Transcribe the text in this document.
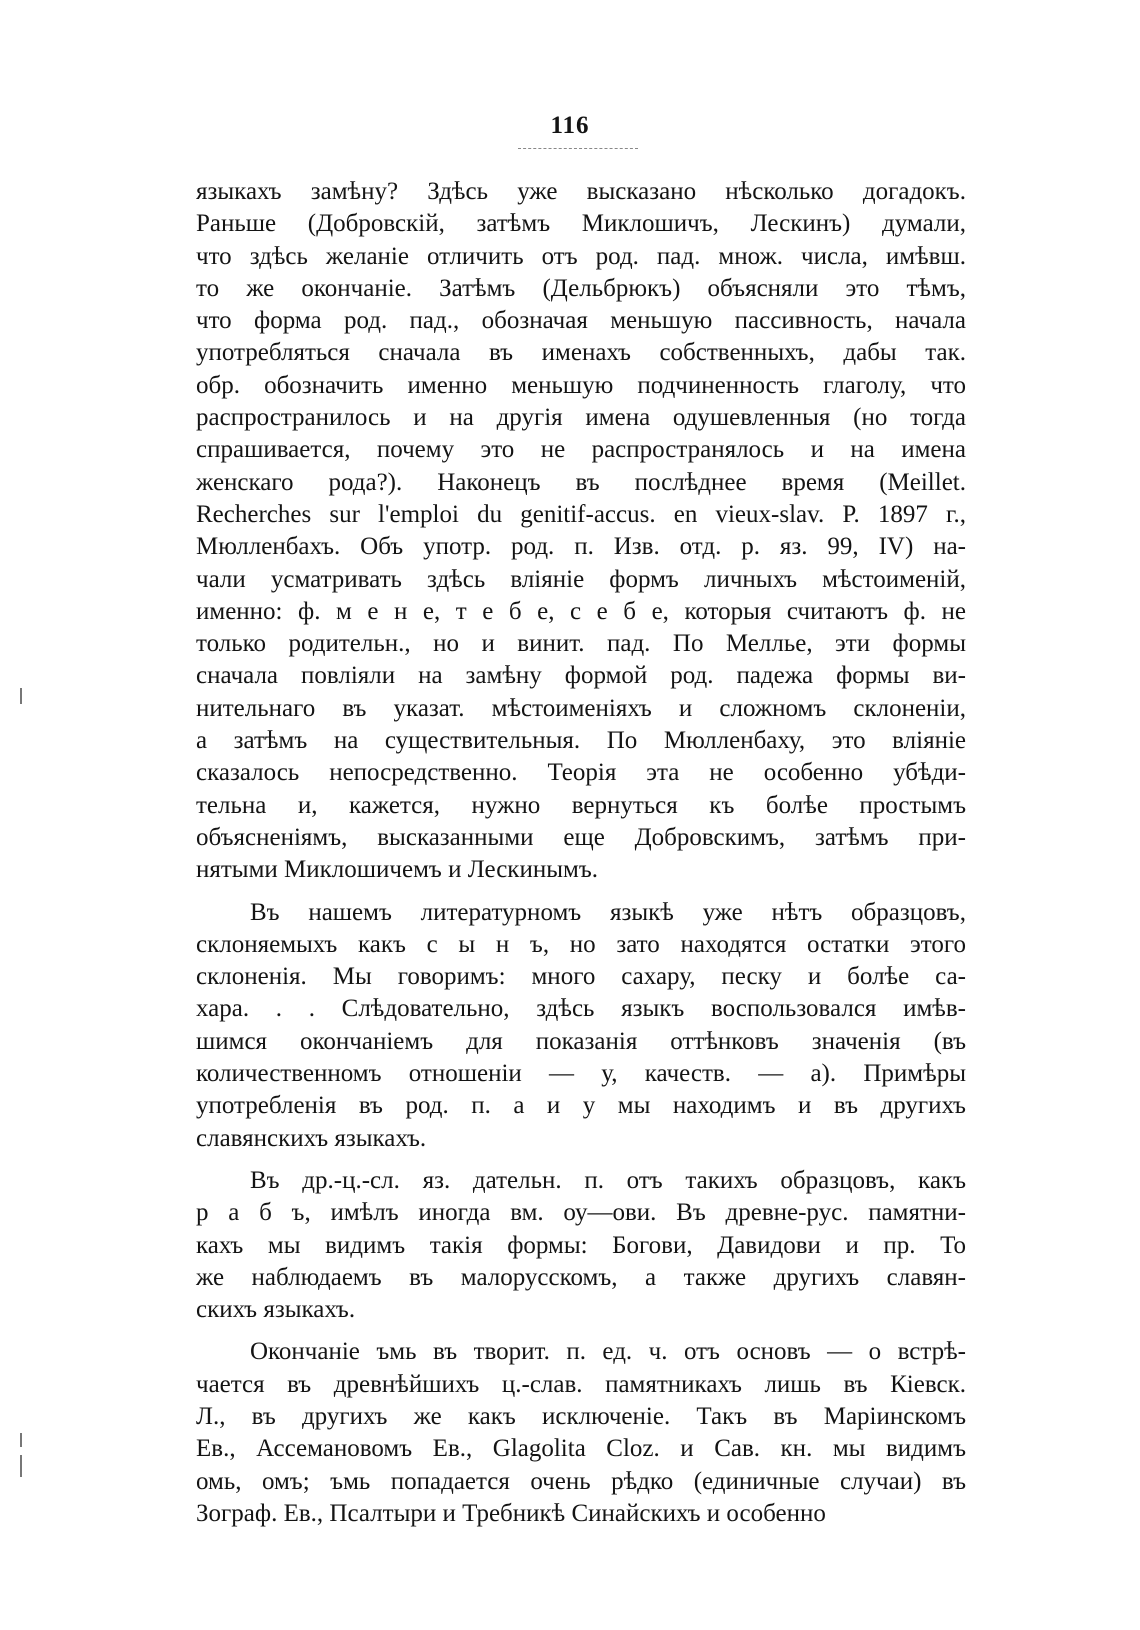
116
языкахъ замѣну? Здѣсь уже высказано нѣсколько догадокъ.
Раньше (Добровскій, затѣмъ Миклошичъ, Лескинъ) думали,
что здѣсь желаніе отличить отъ род. пад. множ. числа, имѣвш.
то же окончаніе. Затѣмъ (Дельбрюкъ) объясняли это тѣмъ,
что форма род. пад., обозначая меньшую пассивность, начала
употребляться сначала въ именахъ собственныхъ, дабы так.
обр. обозначить именно меньшую подчиненность глаголу, что
распространилось и на другія имена одушевленныя (но тогда
спрашивается, почему это не распространялось и на имена
женскаго рода?). Наконецъ въ послѣднее время (Meillet.
Recherches sur l'emploi du genitif-accus. en vieux-slav. P. 1897 г.,
Мюлленбахъ. Объ употр. род. п. Изв. отд. р. яз. 99, IV) на-
чали усматривать здѣсь вліяніе формъ личныхъ мѣстоименій,
именно: ф. м е н е, т е б е, с е б е, которыя считаютъ ф. не
только родительн., но и винит. пад. По Меллье, эти формы
сначала повліяли на замѣну формой род. падежа формы ви-
нительнаго въ указат. мѣстоименіяхъ и сложномъ склоненіи,
а затѣмъ на существительныя. По Мюлленбаху, это вліяніе
сказалось непосредственно. Теорія эта не особенно убѣди-
тельна и, кажется, нужно вернуться къ болѣе простымъ
объясненіямъ, высказанными еще Добровскимъ, затѣмъ при-
нятыми Миклошичемъ и Лескинымъ.
Въ нашемъ литературномъ языкѣ уже нѣтъ образцовъ,
склоняемыхъ какъ с ы н ъ, но зато находятся остатки этого
склоненія. Мы говоримъ: много сахару, песку и болѣе са-
хара. . . Слѣдовательно, здѣсь языкъ воспользовался имѣв-
шимся окончаніемъ для показанія оттѣнковъ значенія (въ
количественномъ отношеніи — у, качеств. — а). Примѣры
употребленія въ род. п. а и у мы находимъ и въ другихъ
славянскихъ языкахъ.
Въ др.-ц.-сл. яз. дательн. п. отъ такихъ образцовъ, какъ
р а б ъ, имѣлъ иногда вм. оу—ови. Въ древне-рус. памятни-
кахъ мы видимъ такія формы: Богови, Давидови и пр. То
же наблюдаемъ въ малорусскомъ, а также другихъ славян-
скихъ языкахъ.
Окончаніе ъмь въ творит. п. ед. ч. отъ основъ — о встрѣ-
чается въ древнѣйшихъ ц.-слав. памятникахъ лишь въ Кіевск.
Л., въ другихъ же какъ исключеніе. Такъ въ Маріинскомъ
Ев., Ассемановомъ Ев., Glagolita Cloz. и Сав. кн. мы видимъ
омь, омъ; ъмь попадается очень рѣдко (единичные случаи) въ
Зограф. Ев., Псалтыри и Требникѣ Синайскихъ и особенно
